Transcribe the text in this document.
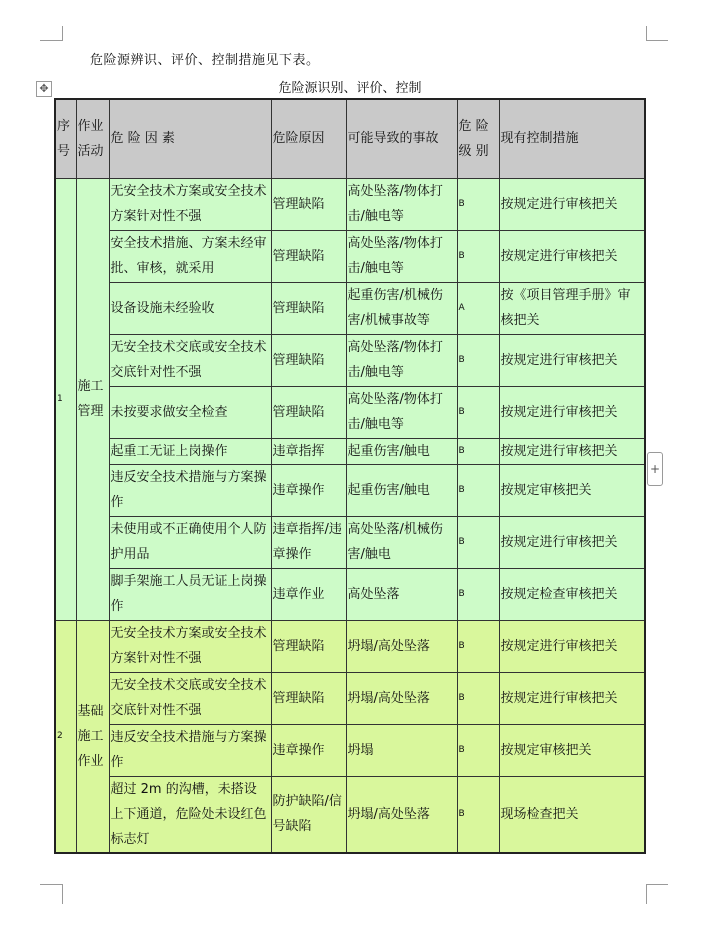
危险源辨识、评价、控制措施见下表。
✥	危险源识别、评价、控制
序号	作业活动	危 险 因 素	危险原因	可能导致的事故	危 险 级 别	现有控制措施
1	施工管理	无安全技术方案或安全技术方案针对性不强	管理缺陷	高处坠落/物体打击/触电等	B	按规定进行审核把关
		安全技术措施、方案未经审批、审核，就采用	管理缺陷	高处坠落/物体打击/触电等	B	按规定进行审核把关
		设备设施未经验收	管理缺陷	起重伤害/机械伤害/机械事故等	A	按《项目管理手册》审核把关
		无安全技术交底或安全技术交底针对性不强	管理缺陷	高处坠落/物体打击/触电等	B	按规定进行审核把关
		未按要求做安全检查	管理缺陷	高处坠落/物体打击/触电等	B	按规定进行审核把关
		起重工无证上岗操作	违章指挥	起重伤害/触电	B	按规定进行审核把关
		违反安全技术措施与方案操作	违章操作	起重伤害/触电	B	按规定审核把关
		未使用或不正确使用个人防护用品	违章指挥/违章操作	高处坠落/机械伤害/触电	B	按规定进行审核把关
		脚手架施工人员无证上岗操作	违章作业	高处坠落	B	按规定检查审核把关
2	基础施工作业	无安全技术方案或安全技术方案针对性不强	管理缺陷	坍塌/高处坠落	B	按规定进行审核把关
		无安全技术交底或安全技术交底针对性不强	管理缺陷	坍塌/高处坠落	B	按规定进行审核把关
		违反安全技术措施与方案操作	违章操作	坍塌	B	按规定审核把关
		超过 2m 的沟槽，未搭设上下通道，危险处未设红色标志灯	防护缺陷/信号缺陷	坍塌/高处坠落	B	现场检查把关
+
